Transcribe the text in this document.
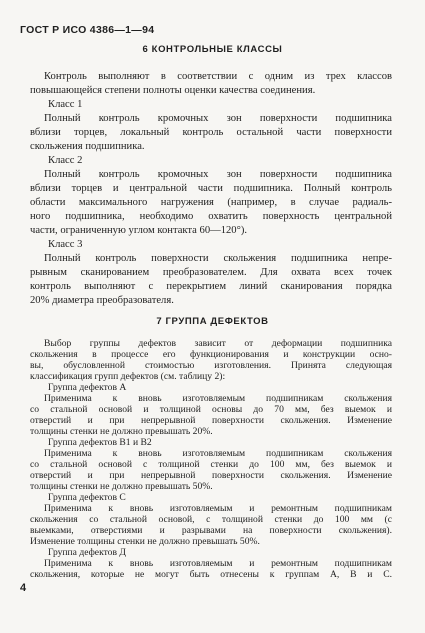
ГОСТ Р ИСО 4386—1—94
6 КОНТРОЛЬНЫЕ КЛАССЫ
Контроль выполняют в соответствии с одним из трех классов
повышающейся степени полноты оценки качества соединения.
Класс 1
Полный контроль кромочных зон поверхности подшипника
вблизи торцев, локальный контроль остальной части поверхности
скольжения подшипника.
Класс 2
Полный контроль кромочных зон поверхности подшипника
вблизи торцев и центральной части подшипника. Полный контроль
области максимального нагружения (например, в случае радиаль-
ного подшипника, необходимо охватить поверхность центральной
части, ограниченную углом контакта 60—120°).
Класс 3
Полный контроль поверхности скольжения подшипника непре-
рывным сканированием преобразователем. Для охвата всех точек
контроль выполняют с перекрытием линий сканирования порядка
20% диаметра преобразователя.
7 ГРУППА ДЕФЕКТОВ
Выбор группы дефектов зависит от деформации подшипника
скольжения в процессе его функционирования и конструкции осно-
вы, обусловленной стоимостью изготовления. Принята следующая
классификация групп дефектов (см. таблицу 2):
Группа дефектов А
Применима к вновь изготовляемым подшипникам скольжения
со стальной основой и толщиной основы до 70 мм, без выемок и
отверстий и при непрерывной поверхности скольжения. Изменение
толщины стенки не должно превышать 20%.
Группа дефектов В1 и В2
Применима к вновь изготовляемым подшипникам скольжения
со стальной основой с толщиной стенки до 100 мм, без выемок и
отверстий и при непрерывной поверхности скольжения. Изменение
толщины стенки не должно превышать 50%.
Группа дефектов С
Применима к вновь изготовляемым и ремонтным подшипникам
скольжения со стальной основой, с толщиной стенки до 100 мм (с
выемками, отверстиями и разрывами на поверхности скольжения).
Изменение толщины стенки не должно превышать 50%.
Группа дефектов Д
Применима к вновь изготовляемым и ремонтным подшипникам
скольжения, которые не могут быть отнесены к группам А, В и С.
4
